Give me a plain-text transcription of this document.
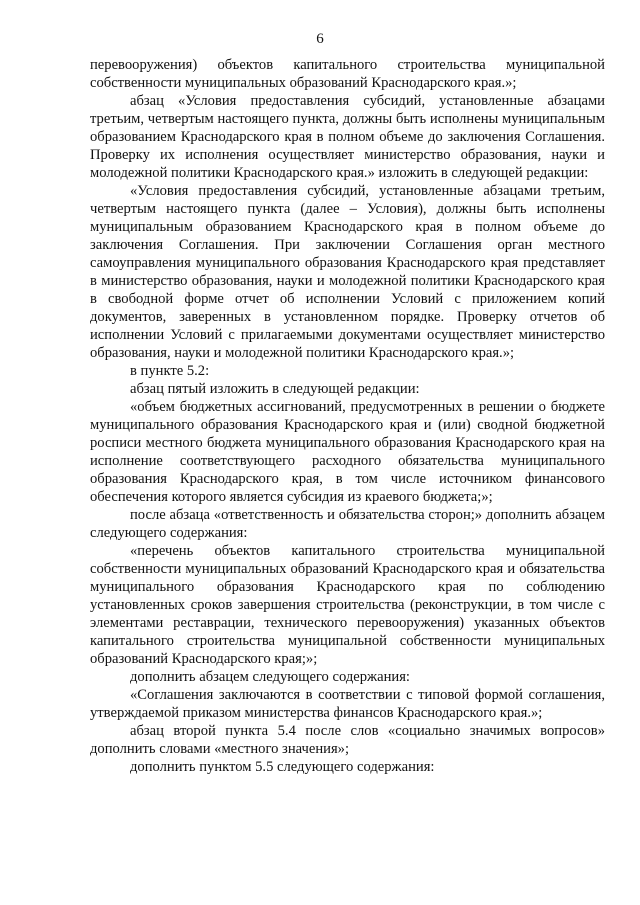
6

перевооружения) объектов капитального строительства муниципальной собственности муниципальных образований Краснодарского края.»;

абзац «Условия предоставления субсидий, установленные абзацами третьим, четвертым настоящего пункта, должны быть исполнены муниципальным образованием Краснодарского края в полном объеме до заключения Соглашения. Проверку их исполнения осуществляет министерство образования, науки и молодежной политики Краснодарского края.» изложить в следующей редакции:

«Условия предоставления субсидий, установленные абзацами третьим, четвертым настоящего пункта (далее – Условия), должны быть исполнены муниципальным образованием Краснодарского края в полном объеме до заключения Соглашения. При заключении Соглашения орган местного самоуправления муниципального образования Краснодарского края представляет в министерство образования, науки и молодежной политики Краснодарского края в свободной форме отчет об исполнении Условий с приложением копий документов, заверенных в установленном порядке. Проверку отчетов об исполнении Условий с прилагаемыми документами осуществляет министерство образования, науки и молодежной политики Краснодарского края.»;

в пункте 5.2:

абзац пятый изложить в следующей редакции:

«объем бюджетных ассигнований, предусмотренных в решении о бюджете муниципального образования Краснодарского края и (или) сводной бюджетной росписи местного бюджета муниципального образования Краснодарского края на исполнение соответствующего расходного обязательства муниципального образования Краснодарского края, в том числе источником финансового обеспечения которого является субсидия из краевого бюджета;»;

после абзаца «ответственность и обязательства сторон;» дополнить абзацем следующего содержания:

«перечень объектов капитального строительства муниципальной собственности муниципальных образований Краснодарского края и обязательства муниципального образования Краснодарского края по соблюдению установленных сроков завершения строительства (реконструкции, в том числе с элементами реставрации, технического перевооружения) указанных объектов капитального строительства муниципальной собственности муниципальных образований Краснодарского края;»;

дополнить абзацем следующего содержания:

«Соглашения заключаются в соответствии с типовой формой соглашения, утверждаемой приказом министерства финансов Краснодарского края.»;

абзац второй пункта 5.4 после слов «социально значимых вопросов» дополнить словами «местного значения»;

дополнить пунктом 5.5 следующего содержания:
